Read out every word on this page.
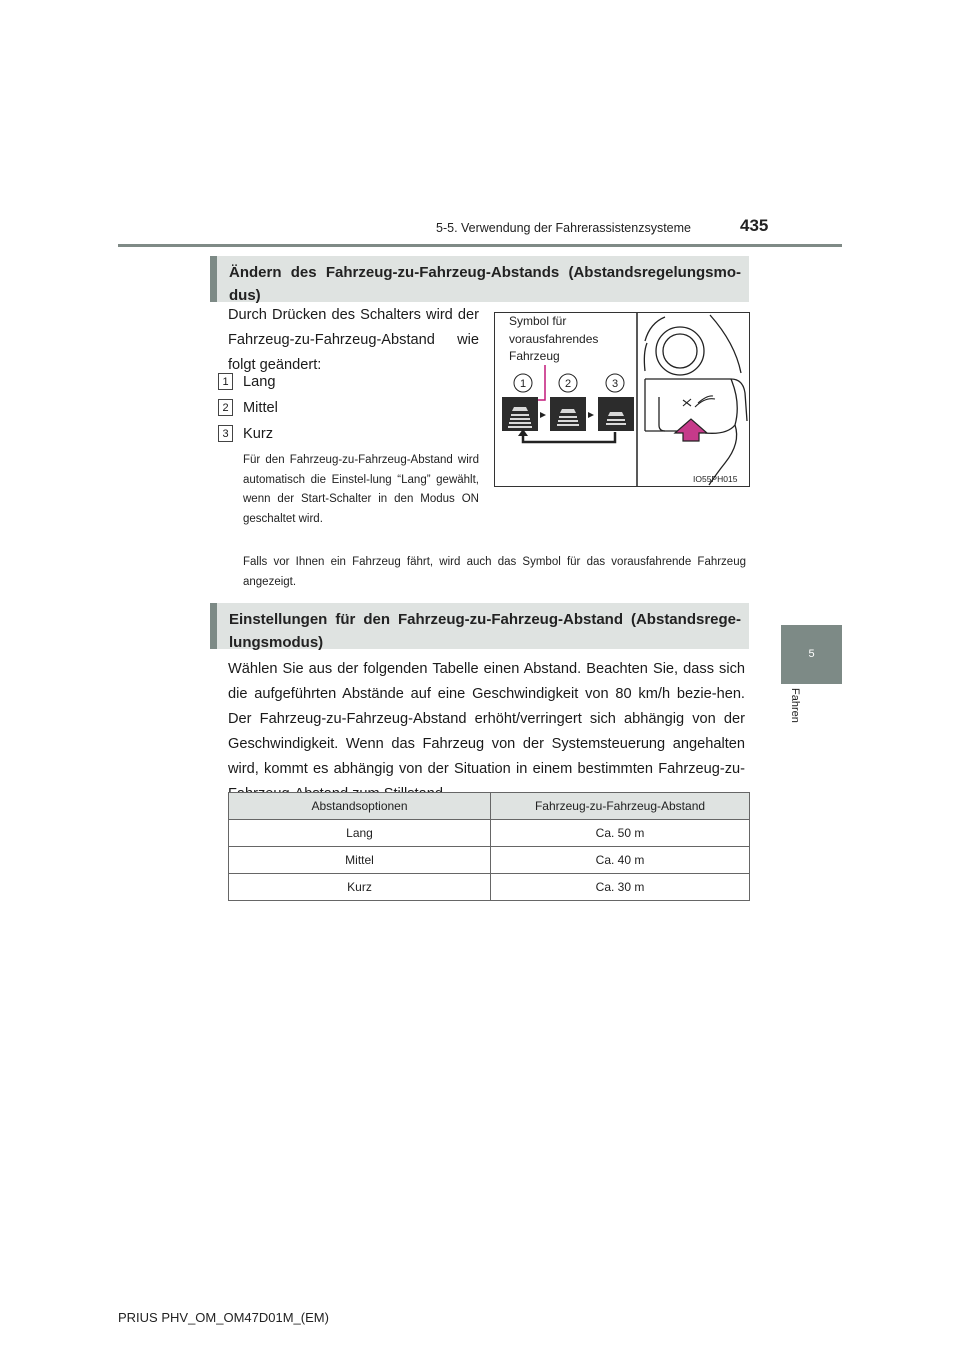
5-5. Verwendung der Fahrerassistenzsysteme	435
5
Fahren
Ändern des Fahrzeug-zu-Fahrzeug-Abstands (Abstandsregelungsmo-dus)
Durch Drücken des Schalters wird der Fahrzeug-zu-Fahrzeug-Abstand wie folgt geändert:
1 Lang
2 Mittel
3 Kurz
Für den Fahrzeug-zu-Fahrzeug-Abstand wird automatisch die Einstel-lung “Lang” gewählt, wenn der Start-Schalter in den Modus ON geschaltet wird.
Falls vor Ihnen ein Fahrzeug fährt, wird auch das Symbol für das vorausfahrende Fahrzeug angezeigt.
1	2	3
Symbol für vorausfahrendes Fahrzeug
IO55PH015
Einstellungen für den Fahrzeug-zu-Fahrzeug-Abstand (Abstandsrege-lungsmodus)
Wählen Sie aus der folgenden Tabelle einen Abstand. Beachten Sie, dass sich die aufgeführten Abstände auf eine Geschwindigkeit von 80 km/h bezie-hen. Der Fahrzeug-zu-Fahrzeug-Abstand erhöht/verringert sich abhängig von der Geschwindigkeit. Wenn das Fahrzeug von der Systemsteuerung angehalten wird, kommt es abhängig von der Situation in einem bestimmten Fahrzeug-zu-
Abstandsoptionen	Fahrzeug-zu-Fahrzeug-Abstand
Lang	Ca. 50 m
Mittel	Ca. 40 m
Kurz	Ca. 30 m
PRIUS PHV_OM_OM47D01M_(EM)
